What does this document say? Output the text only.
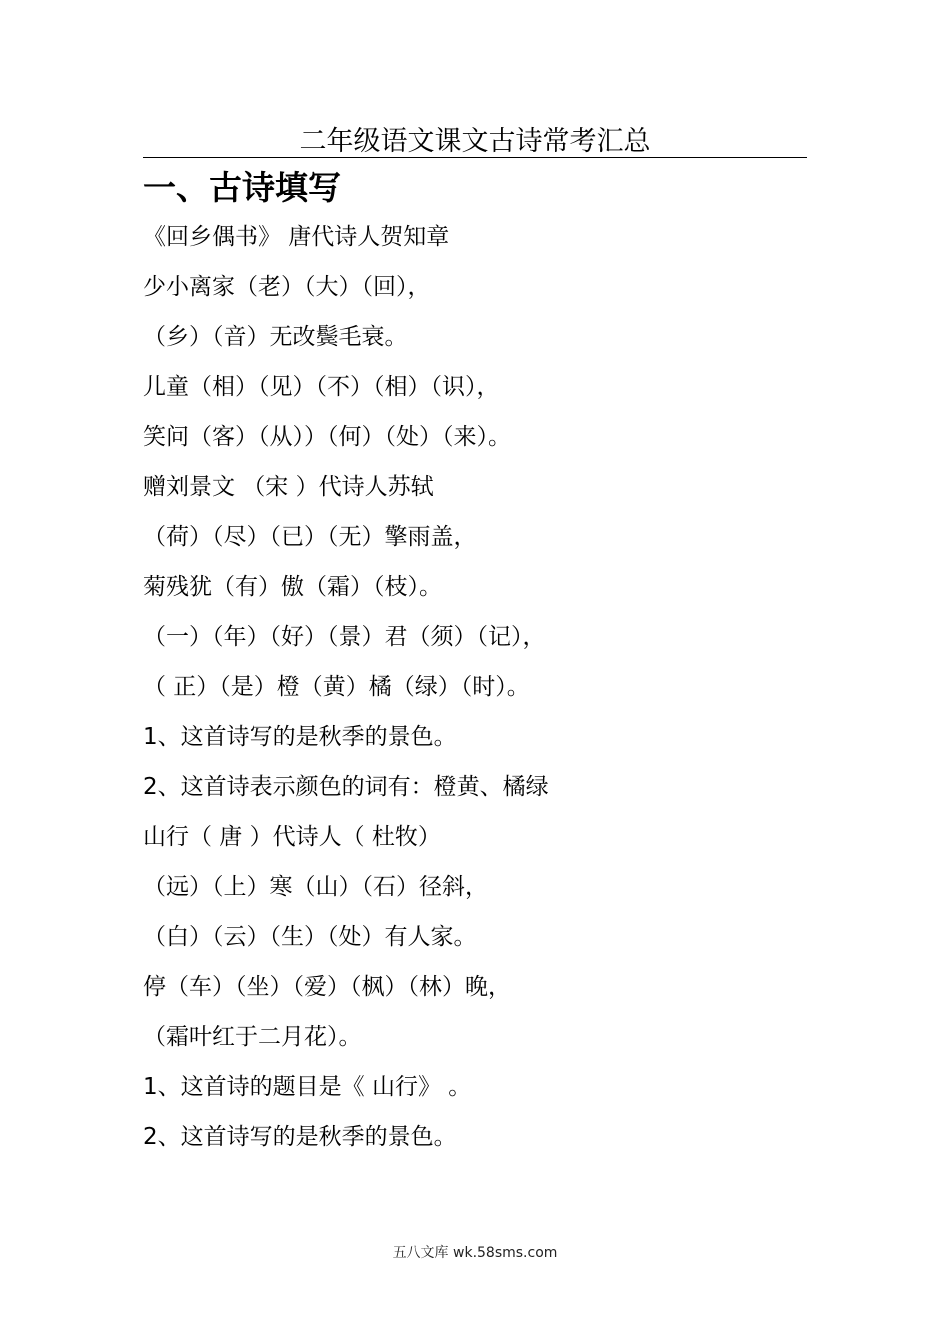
二年级语文课文古诗常考汇总
一、古诗填写
《回乡偶书》 唐代诗人贺知章
少小离家（老）（大）（回），
（乡）（音）无改鬓毛衰。
儿童（相）（见）（不）（相）（识），
笑问（客）（从））（何）（处）（来）。
赠刘景文 （宋 ）代诗人苏轼
（荷）（尽）（已）（无）擎雨盖，
菊残犹（有）傲（霜）（枝）。
（一）（年）（好）（景）君（须）（记），
（ 正）（是）橙（黄）橘（绿）（时）。
1、这首诗写的是秋季的景色。
2、这首诗表示颜色的词有：橙黄、橘绿
山行（ 唐 ）代诗人（ 杜牧）
（远）（上）寒（山）（石）径斜，
（白）（云）（生）（处）有人家。
停（车）（坐）（爱）（枫）（林）晚，
（霜叶红于二月花）。
1、这首诗的题目是《 山行》 。
2、这首诗写的是秋季的景色。
五八文库 wk.58sms.com
